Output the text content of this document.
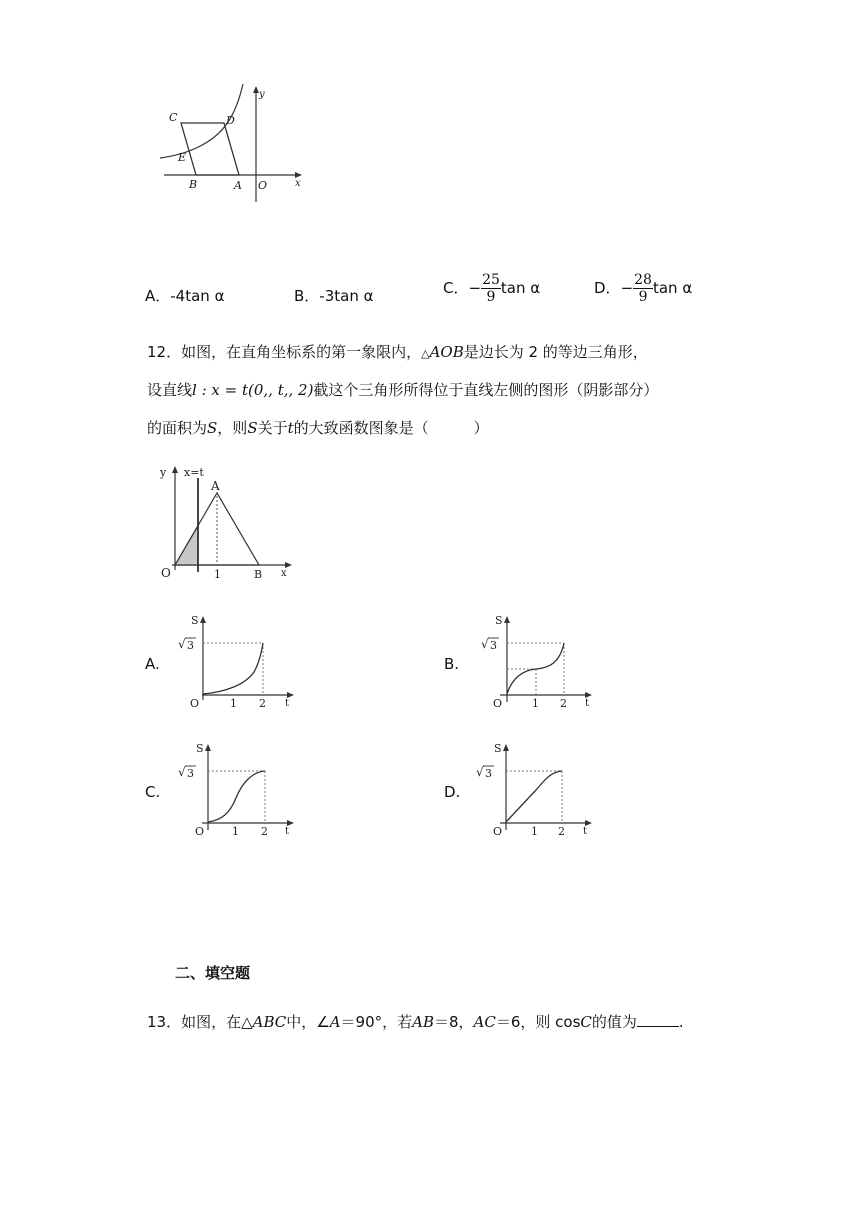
C	D
E
B	A O	x
y
A．-4tan α	B．-3tan α	C．− $\frac{25}{9}$ tan α	D．− $\frac{28}{9}$ tan α
12．如图，在直角坐标系的第一象限内，△AOB是边长为 2 的等边三角形，
设直线l : x = t(0,, t,, 2)截这个三角形所得位于直线左侧的图形（阴影部分）
的面积为S，则S关于t的大致函数图象是（　　　）
y x=t
A
O	1	B x
A.	B.
C.	D.
S
√ 3
O	1 2 t
S
√ 3
O	1 2 t
S
√ 3
O	1 2 t
S
√ 3
O	1 2 t
二、填空题
13．如图，在△ABC中，∠A＝90°，若AB＝8，AC＝6，则 cosC的值为	.
